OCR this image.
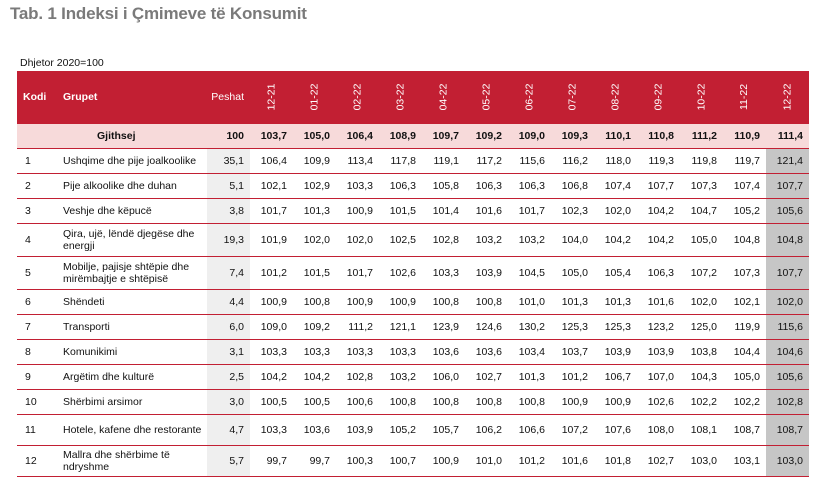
Tab. 1 Indeksi i Çmimeve të Konsumit
Dhjetor 2020=100
Kodi	Grupet	Peshat	12-21	01-22	02-22	03-22	04-22	05-22	06-22	07-22	08-22	09-22	10-22	11-22	12-22
	Gjithsej	100	103,7	105,0	106,4	108,9	109,7	109,2	109,0	109,3	110,1	110,8	111,2	110,9	111,4
1	Ushqime dhe pije joalkoolike	35,1	106,4	109,9	113,4	117,8	119,1	117,2	115,6	116,2	118,0	119,3	119,8	119,7	121,4
2	Pije alkoolike dhe duhan	5,1	102,1	102,9	103,3	106,3	105,8	106,3	106,3	106,8	107,4	107,7	107,3	107,4	107,7
3	Veshje dhe këpucë	3,8	101,7	101,3	100,9	101,5	101,4	101,6	101,7	102,3	102,0	104,2	104,7	105,2	105,6
4	Qira, ujë, lëndë djegëse dhe energji	19,3	101,9	102,0	102,0	102,5	102,8	103,2	103,2	104,0	104,2	104,2	105,0	104,8	104,8
5	Mobilje, pajisje shtëpie dhe mirëmbajtje e shtëpisë	7,4	101,2	101,5	101,7	102,6	103,3	103,9	104,5	105,0	105,4	106,3	107,2	107,3	107,7
6	Shëndeti	4,4	100,9	100,8	100,9	100,9	100,8	100,8	101,0	101,3	101,3	101,6	102,0	102,1	102,0
7	Transporti	6,0	109,0	109,2	111,2	121,1	123,9	124,6	130,2	125,3	125,3	123,2	125,0	119,9	115,6
8	Komunikimi	3,1	103,3	103,3	103,3	103,3	103,6	103,6	103,4	103,7	103,9	103,9	103,8	104,4	104,6
9	Argëtim dhe kulturë	2,5	104,2	104,2	102,8	103,2	106,0	102,7	101,3	101,2	106,7	107,0	104,3	105,0	105,6
10	Shërbimi arsimor	3,0	100,5	100,5	100,6	100,8	100,8	100,8	100,8	100,9	100,9	102,6	102,2	102,2	102,8
11	Hotele, kafene dhe restorante	4,7	103,3	103,6	103,9	105,2	105,7	106,2	106,6	107,2	107,6	108,0	108,1	108,7	108,7
12	Mallra dhe shërbime të ndryshme	5,7	99,7	99,7	100,3	100,7	100,9	101,0	101,2	101,6	101,8	102,7	103,0	103,1	103,0
